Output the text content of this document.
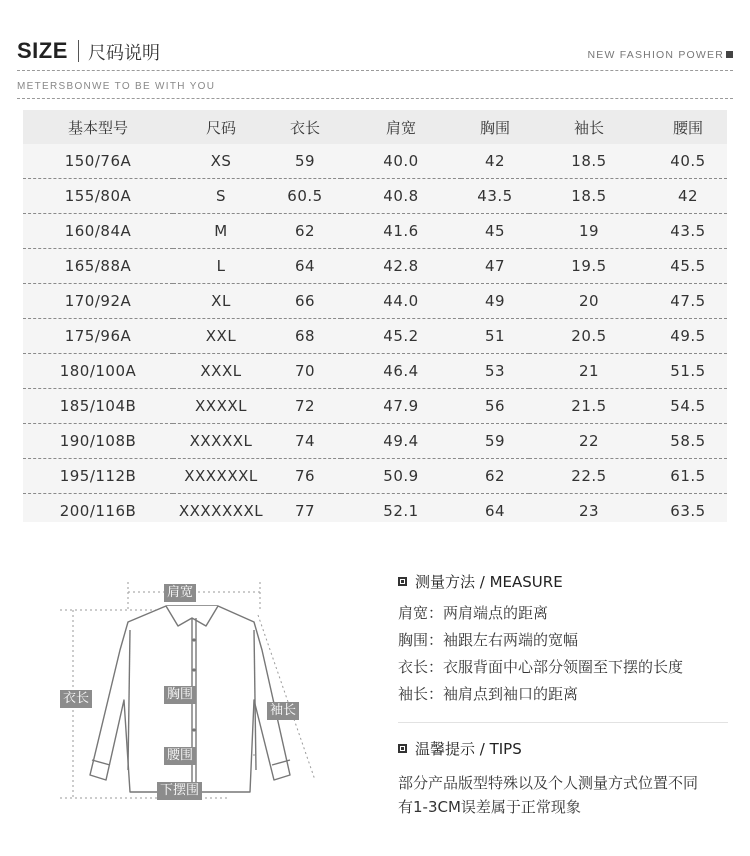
SIZE 尺码说明	NEW FASHION POWER
METERSBONWE TO BE WITH YOU
基本型号	尺码	衣长	肩宽	胸围	袖长	腰围
150/76A	XS	59	40.0	42	18.5	40.5
155/80A	S	60.5	40.8	43.5	18.5	42
160/84A	M	62	41.6	45	19	43.5
165/88A	L	64	42.8	47	19.5	45.5
170/92A	XL	66	44.0	49	20	47.5
175/96A	XXL	68	45.2	51	20.5	49.5
180/100A	XXXL	70	46.4	53	21	51.5
185/104B	XXXXL	72	47.9	56	21.5	54.5
190/108B	XXXXXL	74	49.4	59	22	58.5
195/112B	XXXXXXL	76	50.9	62	22.5	61.5
200/116B	XXXXXXXL	77	52.1	64	23	63.5
肩宽
衣长	胸围
袖长
腰围
下摆围
测量方法 / MEASURE
肩宽：两肩端点的距离
胸围：袖跟左右两端的宽幅
衣长：衣服背面中心部分领圈至下摆的长度
袖长：袖肩点到袖口的距离
温馨提示 / TIPS
部分产品版型特殊以及个人测量方式位置不同
有1-3CM误差属于正常现象
